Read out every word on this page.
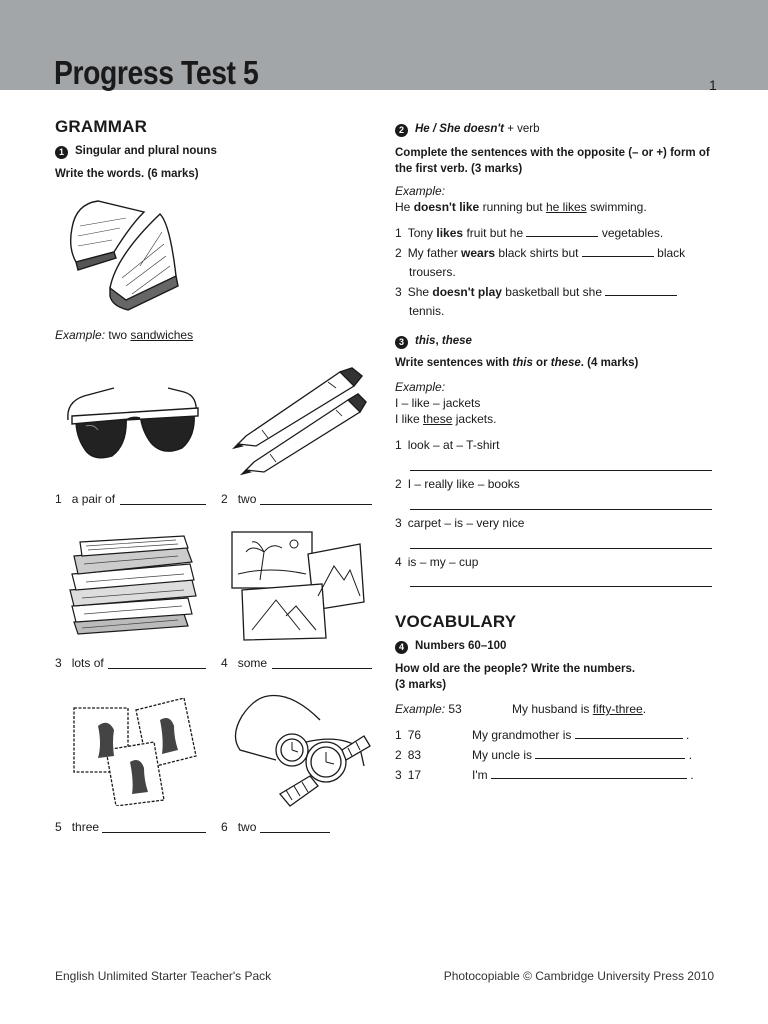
Progress Test 5	1
GRAMMAR
1 Singular and plural nouns
Write the words. (6 marks)
Example: two sandwiches
1 a pair of	2 two
3 lots of	4 some
5 three	6 two
2 He / She doesn't + verb
Complete the sentences with the opposite (– or +) form of the first verb. (3 marks)
Example:
He doesn't like running but he likes swimming.
1 Tony likes fruit but he	vegetables.
2 My father wears black shirts but	black
trousers.
3 She doesn't play basketball but she
tennis.
3 this, these
Write sentences with this or these. (4 marks)
Example:
I – like – jackets
I like these jackets.
1 look – at – T-shirt
2 I – really like – books
3 carpet – is – very nice
4 is – my – cup
VOCABULARY
4 Numbers 60–100
How old are the people? Write the numbers.
(3 marks)
Example: 53	My husband is fifty-three.
1 76	My grandmother is	.
2 83	My uncle is	.
3 17	I'm	.
English Unlimited Starter Teacher's Pack	Photocopiable © Cambridge University Press 2010
